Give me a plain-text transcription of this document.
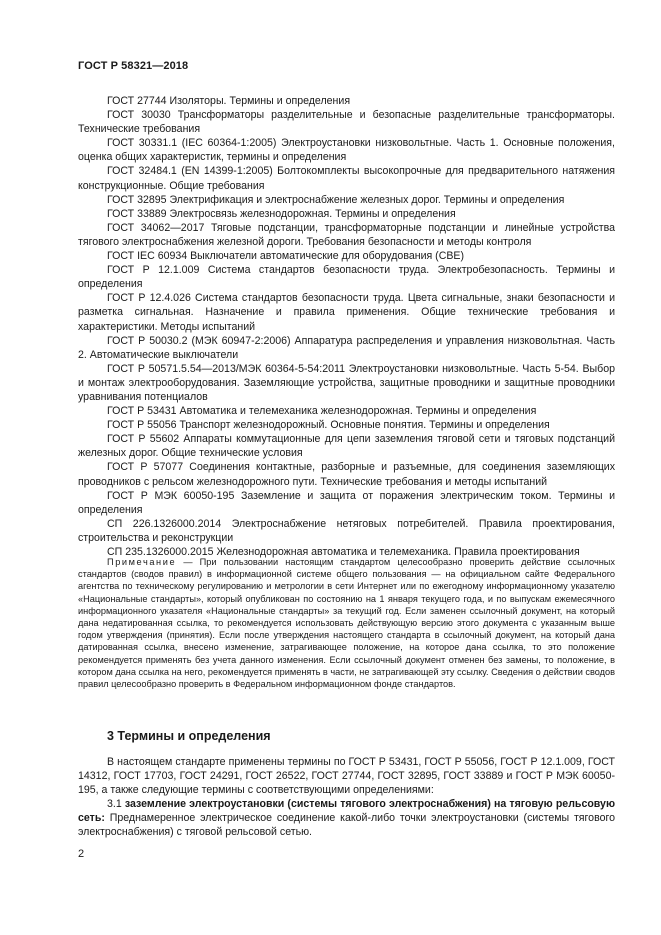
ГОСТ Р 58321—2018
ГОСТ 27744 Изоляторы. Термины и определения
ГОСТ 30030 Трансформаторы разделительные и безопасные разделительные трансформаторы. Технические требования
ГОСТ 30331.1 (IEC 60364-1:2005) Электроустановки низковольтные. Часть 1. Основные положения, оценка общих характеристик, термины и определения
ГОСТ 32484.1 (EN 14399-1:2005) Болтокомплекты высокопрочные для предварительного натяжения конструкционные. Общие требования
ГОСТ 32895 Электрификация и электроснабжение железных дорог. Термины и определения
ГОСТ 33889 Электросвязь железнодорожная. Термины и определения
ГОСТ 34062—2017 Тяговые подстанции, трансформаторные подстанции и линейные устройства тягового электроснабжения железной дороги. Требования безопасности и методы контроля
ГОСТ IEC 60934 Выключатели автоматические для оборудования (СВЕ)
ГОСТ Р 12.1.009 Система стандартов безопасности труда. Электробезопасность. Термины и определения
ГОСТ Р 12.4.026 Система стандартов безопасности труда. Цвета сигнальные, знаки безопасности и разметка сигнальная. Назначение и правила применения. Общие технические требования и характеристики. Методы испытаний
ГОСТ Р 50030.2 (МЭК 60947-2:2006) Аппаратура распределения и управления низковольтная. Часть 2. Автоматические выключатели
ГОСТ Р 50571.5.54—2013/МЭК 60364-5-54:2011 Электроустановки низковольтные. Часть 5-54. Выбор и монтаж электрооборудования. Заземляющие устройства, защитные проводники и защитные проводники уравнивания потенциалов
ГОСТ Р 53431 Автоматика и телемеханика железнодорожная. Термины и определения
ГОСТ Р 55056 Транспорт железнодорожный. Основные понятия. Термины и определения
ГОСТ Р 55602 Аппараты коммутационные для цепи заземления тяговой сети и тяговых подстанций железных дорог. Общие технические условия
ГОСТ Р 57077 Соединения контактные, разборные и разъемные, для соединения заземляющих проводников с рельсом железнодорожного пути. Технические требования и методы испытаний
ГОСТ Р МЭК 60050-195 Заземление и защита от поражения электрическим током. Термины и определения
СП 226.1326000.2014 Электроснабжение нетяговых потребителей. Правила проектирования, строительства и реконструкции
СП 235.1326000.2015 Железнодорожная автоматика и телемеханика. Правила проектирования
Примечание — При пользовании настоящим стандартом целесообразно проверить действие ссылочных стандартов (сводов правил) в информационной системе общего пользования — на официальном сайте Федерального агентства по техническому регулированию и метрологии в сети Интернет или по ежегодному информационному указателю «Национальные стандарты», который опубликован по состоянию на 1 января текущего года, и по выпускам ежемесячного информационного указателя «Национальные стандарты» за текущий год. Если заменен ссылочный документ, на который дана недатированная ссылка, то рекомендуется использовать действующую версию этого документа с указанным выше годом утверждения (принятия). Если после утверждения настоящего стандарта в ссылочный документ, на который дана датированная ссылка, внесено изменение, затрагивающее положение, на которое дана ссылка, то это положение рекомендуется применять без учета данного изменения. Если ссылочный документ отменен без замены, то положение, в котором дана ссылка на него, рекомендуется применять в части, не затрагивающей эту ссылку. Сведения о действии сводов правил целесообразно проверить в Федеральном информационном фонде стандартов.
3 Термины и определения
В настоящем стандарте применены термины по ГОСТ Р 53431, ГОСТ Р 55056, ГОСТ Р 12.1.009, ГОСТ 14312, ГОСТ 17703, ГОСТ 24291, ГОСТ 26522, ГОСТ 27744, ГОСТ 32895, ГОСТ 33889 и ГОСТ Р МЭК 60050-195, а также следующие термины с соответствующими определениями:
3.1 заземление электроустановки (системы тягового электроснабжения) на тяговую рельсовую сеть: Преднамеренное электрическое соединение какой-либо точки электроустановки (системы тягового электроснабжения) с тяговой рельсовой сетью.
2
